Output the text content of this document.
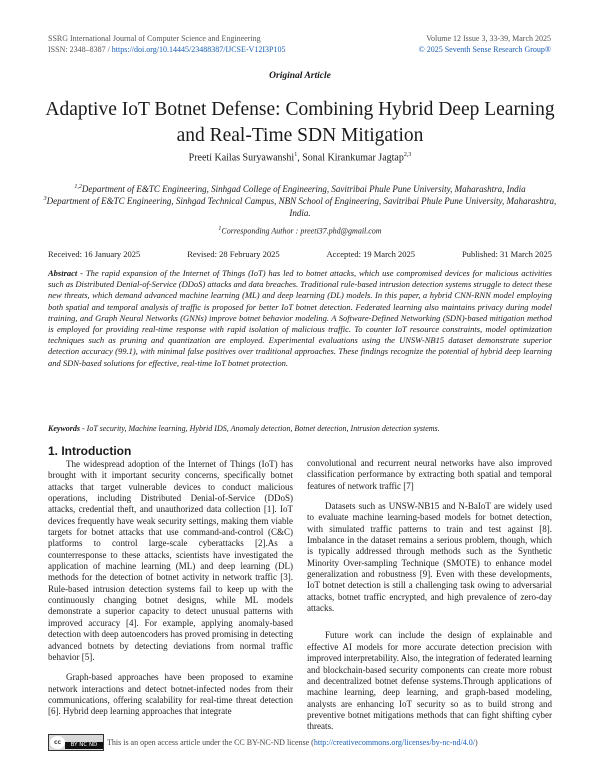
SSRG International Journal of Computer Science and Engineering
ISSN: 2348–8387 / https://doi.org/10.14445/23488387/IJCSE-V12I3P105
Volume 12 Issue 3, 33-39, March 2025
© 2025 Seventh Sense Research Group®
Original Article
Adaptive IoT Botnet Defense: Combining Hybrid Deep Learning and Real-Time SDN Mitigation
Preeti Kailas Suryawanshi$^1$, Sonal Kirankumar Jagtap$^{2,3}$
$^{1,2}$Department of E&TC Engineering, Sinhgad College of Engineering, Savitribai Phule Pune University, Maharashtra, India
$^3$Department of E&TC Engineering, Sinhgad Technical Campus, NBN School of Engineering, Savitribai Phule Pune University, Maharashtra, India.
$^1$Corresponding Author : preeti37.phd@gmail.com
Received: 16 January 2025	Revised: 28 February 2025	Accepted: 19 March 2025	Published: 31 March 2025
Abstract - The rapid expansion of the Internet of Things (IoT) has led to botnet attacks, which use compromised devices for malicious activities such as Distributed Denial-of-Service (DDoS) attacks and data breaches. Traditional rule-based intrusion detection systems struggle to detect these new threats, which demand advanced machine learning (ML) and deep learning (DL) models. In this paper, a hybrid CNN-RNN model employing both spatial and temporal analysis of traffic is proposed for better IoT botnet detection. Federated learning also maintains privacy during model training, and Graph Neural Networks (GNNs) improve botnet behavior modeling. A Software-Defined Networking (SDN)-based mitigation method is employed for providing real-time response with rapid isolation of malicious traffic. To counter IoT resource constraints, model optimization techniques such as pruning and quantization are employed. Experimental evaluations using the UNSW-NB15 dataset demonstrate superior detection accuracy (99.1), with minimal false positives over traditional approaches. These findings recognize the potential of hybrid deep learning and SDN-based solutions for effective, real-time IoT botnet protection.
Keywords - IoT security, Machine learning, Hybrid IDS, Anomaly detection, Botnet detection, Intrusion detection systems.
1. Introduction

The widespread adoption of the Internet of Things (IoT) has brought with it important security concerns, specifically botnet attacks that target vulnerable devices to conduct malicious operations, including Distributed Denial-of-Service (DDoS) attacks, credential theft, and unauthorized data collection [1]. IoT devices frequently have weak security settings, making them viable targets for botnet attacks that use command-and-control (C&C) platforms to control large-scale cyberattacks [2].As a counterresponse to these attacks, scientists have investigated the application of machine learning (ML) and deep learning (DL) methods for the detection of botnet activity in network traffic [3]. Rule-based intrusion detection systems fail to keep up with the continuously changing botnet designs, while ML models demonstrate a superior capacity to detect unusual patterns with improved accuracy [4]. For example, applying anomaly-based detection with deep autoencoders has proved promising in detecting advanced botnets by detecting deviations from normal traffic behavior [5].

Graph-based approaches have been proposed to examine network interactions and detect botnet-infected nodes from their communications, offering scalability for real-time threat detection [6]. Hybrid deep learning approaches that integrate

convolutional and recurrent neural networks have also improved classification performance by extracting both spatial and temporal features of network traffic [7]

Datasets such as UNSW-NB15 and N-BaIoT are widely used to evaluate machine learning-based models for botnet detection, with simulated traffic patterns to train and test against [8]. Imbalance in the dataset remains a serious problem, though, which is typically addressed through methods such as the Synthetic Minority Over-sampling Technique (SMOTE) to enhance model generalization and robustness [9]. Even with these developments, IoT botnet detection is still a challenging task owing to adversarial attacks, botnet traffic encrypted, and high prevalence of zero-day attacks.

Future work can include the design of explainable and effective AI models for more accurate detection precision with improved interpretability. Also, the integration of federated learning and blockchain-based security components can create more robust and decentralized botnet defense systems.Through applications of machine learning, deep learning, and graph-based modeling, analysts are enhancing IoT security so as to build strong and preventive botnet mitigations methods that can fight shifting cyber threats.

cc	BY NC ND	This is an open access article under the CC BY-NC-ND license ( http://creativecommons.org/licenses/by-nc-nd/4.0/ )
